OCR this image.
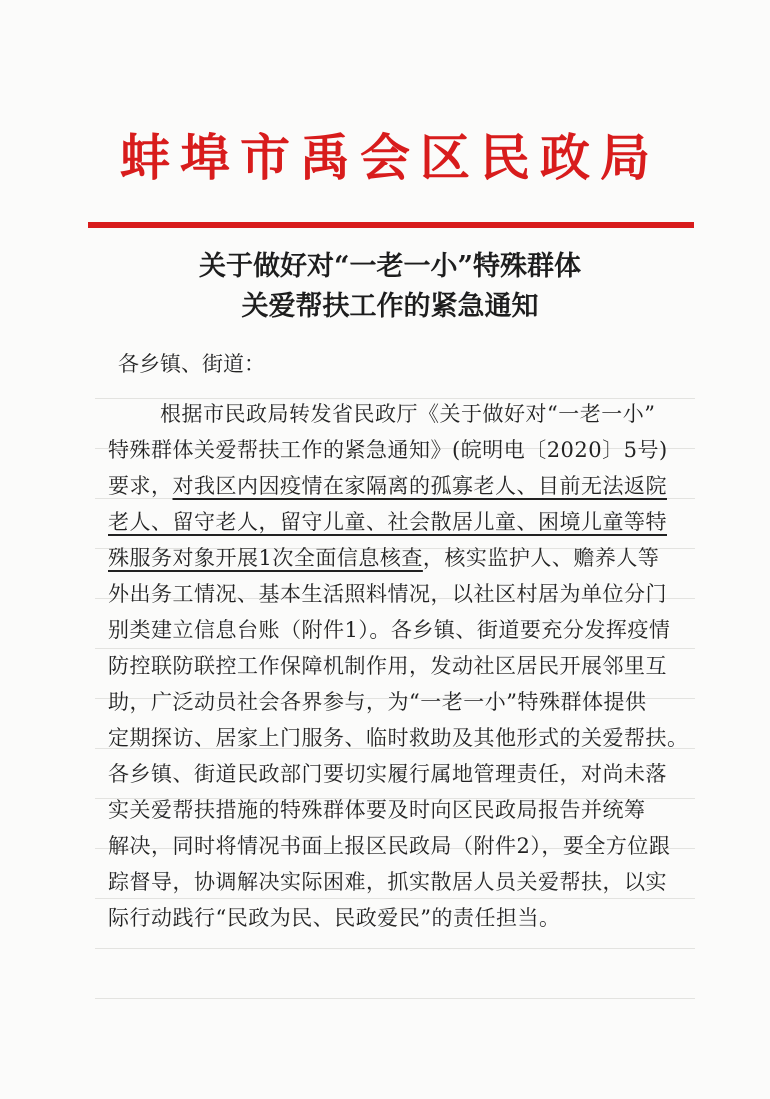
蚌埠市禹会区民政局
关于做好对“一老一小”特殊群体
关爱帮扶工作的紧急通知
各乡镇、街道：
根据市民政局转发省民政厅《关于做好对“一老一小”
特殊群体关爱帮扶工作的紧急通知》(皖明电〔2020〕5号)
要求，对我区内因疫情在家隔离的孤寡老人、目前无法返院
老人、留守老人，留守儿童、社会散居儿童、困境儿童等特
殊服务对象开展1次全面信息核查，核实监护人、赡养人等
外出务工情况、基本生活照料情况，以社区村居为单位分门
别类建立信息台账（附件1）。各乡镇、街道要充分发挥疫情
防控联防联控工作保障机制作用，发动社区居民开展邻里互
助，广泛动员社会各界参与，为“一老一小”特殊群体提供
定期探访、居家上门服务、临时救助及其他形式的关爱帮扶。
各乡镇、街道民政部门要切实履行属地管理责任，对尚未落
实关爱帮扶措施的特殊群体要及时向区民政局报告并统筹
解决，同时将情况书面上报区民政局（附件2），要全方位跟
踪督导，协调解决实际困难，抓实散居人员关爱帮扶，以实
际行动践行“民政为民、民政爱民”的责任担当。
